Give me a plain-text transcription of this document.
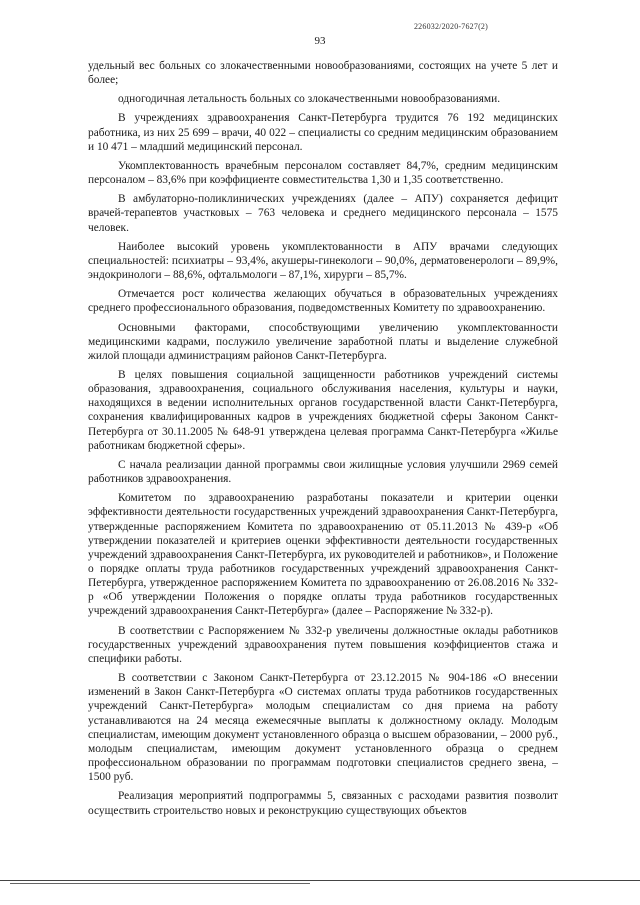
226032/2020-7627(2)
93

удельный вес больных со злокачественными новообразованиями, состоящих на учете 5 лет и более;

одногодичная летальность больных со злокачественными новообразованиями.

В учреждениях здравоохранения Санкт-Петербурга трудится 76 192 медицинских работника, из них 25 699 – врачи, 40 022 – специалисты со средним медицинским образованием и 10 471 – младший медицинский персонал.

Укомплектованность врачебным персоналом составляет 84,7%, средним медицинским персоналом – 83,6% при коэффициенте совместительства 1,30 и 1,35 соответственно.

В амбулаторно-поликлинических учреждениях (далее – АПУ) сохраняется дефицит врачей-терапевтов участковых – 763 человека и среднего медицинского персонала – 1575 человек.

Наиболее высокий уровень укомплектованности в АПУ врачами следующих специальностей: психиатры – 93,4%, акушеры-гинекологи – 90,0%, дерматовенерологи – 89,9%, эндокринологи – 88,6%, офтальмологи – 87,1%, хирурги – 85,7%.

Отмечается рост количества желающих обучаться в образовательных учреждениях среднего профессионального образования, подведомственных Комитету по здравоохранению.

Основными факторами, способствующими увеличению укомплектованности медицинскими кадрами, послужило увеличение заработной платы и выделение служебной жилой площади администрациям районов Санкт-Петербурга.

В целях повышения социальной защищенности работников учреждений системы образования, здравоохранения, социального обслуживания населения, культуры и науки, находящихся в ведении исполнительных органов государственной власти Санкт-Петербурга, сохранения квалифицированных кадров в учреждениях бюджетной сферы Законом Санкт-Петербурга от 30.11.2005 № 648-91 утверждена целевая программа Санкт-Петербурга «Жилье работникам бюджетной сферы».

С начала реализации данной программы свои жилищные условия улучшили 2969 семей работников здравоохранения.

Комитетом по здравоохранению разработаны показатели и критерии оценки эффективности деятельности государственных учреждений здравоохранения Санкт-Петербурга, утвержденные распоряжением Комитета по здравоохранению от 05.11.2013 № 439-р «Об утверждении показателей и критериев оценки эффективности деятельности государственных учреждений здравоохранения Санкт-Петербурга, их руководителей и работников», и Положение о порядке оплаты труда работников государственных учреждений здравоохранения Санкт-Петербурга, утвержденное распоряжением Комитета по здравоохранению от 26.08.2016 № 332-р «Об утверждении Положения о порядке оплаты труда работников государственных учреждений здравоохранения Санкт-Петербурга» (далее – Распоряжение № 332-р).

В соответствии с Распоряжением № 332-р увеличены должностные оклады работников государственных учреждений здравоохранения путем повышения коэффициентов стажа и специфики работы.

В соответствии с Законом Санкт-Петербурга от 23.12.2015 № 904-186 «О внесении изменений в Закон Санкт-Петербурга «О системах оплаты труда работников государственных учреждений Санкт-Петербурга» молодым специалистам со дня приема на работу устанавливаются на 24 месяца ежемесячные выплаты к должностному окладу. Молодым специалистам, имеющим документ установленного образца о высшем образовании, – 2000 руб., молодым специалистам, имеющим документ установленного образца о среднем профессиональном образовании по программам подготовки специалистов среднего звена, – 1500 руб.

Реализация мероприятий подпрограммы 5, связанных с расходами развития позволит осуществить строительство новых и реконструкцию существующих объектов
